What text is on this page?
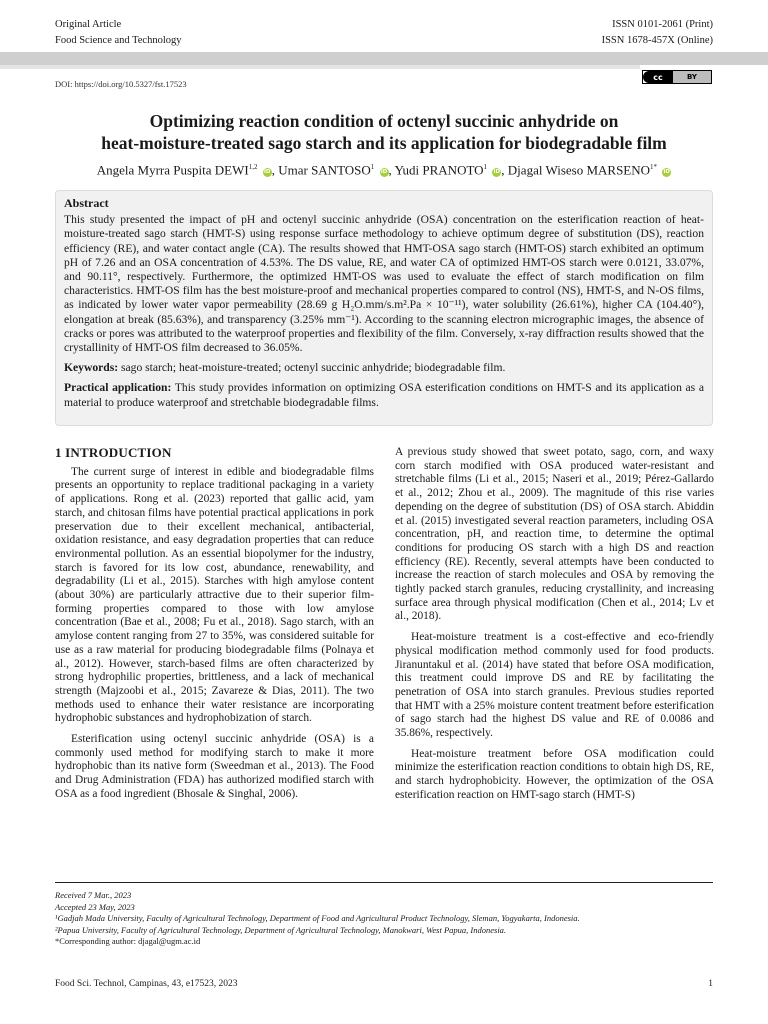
Original Article
Food Science and Technology
ISSN 0101-2061 (Print)
ISSN 1678-457X (Online)
DOI: https://doi.org/10.5327/fst.17523
cc	BY
Optimizing reaction condition of octenyl succinic anhydride on
heat-moisture-treated sago starch and its application for biodegradable film
Angela Myrra Puspita DEWI$^{1,2}$ iD, Umar SANTOSO$^1$ iD, Yudi PRANOTO$^1$ iD, Djagal Wiseso $MARSENO^{1*}$ iD
Abstract

This study presented the impact of pH and octenyl succinic anhydride (OSA) concentration on the esterification reaction of heat-moisture-treated sago starch (HMT-S) using response surface methodology to achieve optimum degree of substitution (DS), reaction efficiency (RE), and water contact angle (CA). The results showed that HMT-OSA sago starch (HMT-OS) starch exhibited an optimum pH of 7.26 and an OSA concentration of 4.53%. The DS value, RE, and water CA of optimized HMT-OS starch were 0.0121, 33.07%, and 90.11°, respectively. Furthermore, the optimized HMT-OS was used to evaluate the effect of starch modification on film characteristics. HMT-OS film has the best moisture-proof and mechanical properties compared to control (NS), HMT-S, and N-OS films, as indicated by lower water vapor permeability (28.69 g H₂O.mm/s.m².Pa × 10⁻¹¹), water solubility (26.61%), higher CA (104.40°), elongation at break (85.63%), and transparency (3.25% mm⁻¹). According to the scanning electron micrographic images, the absence of cracks or pores was attributed to the waterproof properties and flexibility of the film. Conversely, x-ray diffraction results showed that the crystallinity of HMT-OS film decreased to 36.05%.

Keywords: sago starch; heat-moisture-treated; octenyl succinic anhydride; biodegradable film.

Practical application: This study provides information on optimizing OSA esterification conditions on HMT-S and its application as a material to produce waterproof and stretchable biodegradable films.

1 INTRODUCTION

The current surge of interest in edible and biodegradable films presents an opportunity to replace traditional packaging in a variety of applications. Rong et al. (2023) reported that gallic acid, yam starch, and chitosan films have potential practical applications in pork preservation due to their excellent mechanical, antibacterial, oxidation resistance, and easy degradation properties that can reduce environmental pollution. As an essential biopolymer for the industry, starch is favored for its low cost, abundance, renewability, and degradability (Li et al., 2015). Starches with high amylose content (about 30%) are particularly attractive due to their superior film-forming properties compared to those with low amylose concentration (Bae et al., 2008; Fu et al., 2018). Sago starch, with an amylose content ranging from 27 to 35%, was considered suitable for use as a raw material for producing biodegradable films (Polnaya et al., 2012). However, starch-based films are often characterized by strong hydrophilic properties, brittleness, and a lack of mechanical strength (Majzoobi et al., 2015; Zavareze & Dias, 2011). The two methods used to enhance their water resistance are incorporating hydrophobic substances and hydrophobization of starch.

Esterification using octenyl succinic anhydride (OSA) is a commonly used method for modifying starch to make it more hydrophobic than its native form (Sweedman et al., 2013). The Food and Drug Administration (FDA) has authorized modified starch with OSA as a food ingredient (Bhosale & Singhal, 2006).

A previous study showed that sweet potato, sago, corn, and waxy corn starch modified with OSA produced water-resistant and stretchable films (Li et al., 2015; Naseri et al., 2019; Pérez-Gallardo et al., 2012; Zhou et al., 2009). The magnitude of this rise varies depending on the degree of substitution (DS) of OSA starch. Abiddin et al. (2015) investigated several reaction parameters, including OSA concentration, pH, and reaction time, to determine the optimal conditions for producing OS starch with a high DS and reaction efficiency (RE). Recently, several attempts have been conducted to increase the reaction of starch molecules and OSA by removing the tightly packed starch granules, reducing crystallinity, and increasing surface area through physical modification (Chen et al., 2014; Lv et al., 2018).

Heat-moisture treatment is a cost-effective and eco-friendly physical modification method commonly used for food products. Jiranuntakul et al. (2014) have stated that before OSA modification, this treatment could improve DS and RE by facilitating the penetration of OSA into starch granules. Previous studies reported that HMT with a 25% moisture content treatment before esterification of sago starch had the highest DS value and RE of 0.0086 and 35.86%, respectively.

Heat-moisture treatment before OSA modification could minimize the esterification reaction conditions to obtain high DS, RE, and starch hydrophobicity. However, the optimization of the OSA esterification reaction on HMT-sago starch (HMT-S)

Received 7 Mar., 2023
Accepted 23 May, 2023
¹Gadjah Mada University, Faculty of Agricultural Technology, Department of Food and Agricultural Product Technology, Sleman, Yogyakarta, Indonesia.
²Papua University, Faculty of Agricultural Technology, Department of Agricultural Technology, Manokwari, West Papua, Indonesia.
*Corresponding author: djagal@ugm.ac.id
Food Sci. Technol, Campinas, 43, e17523, 2023	1
